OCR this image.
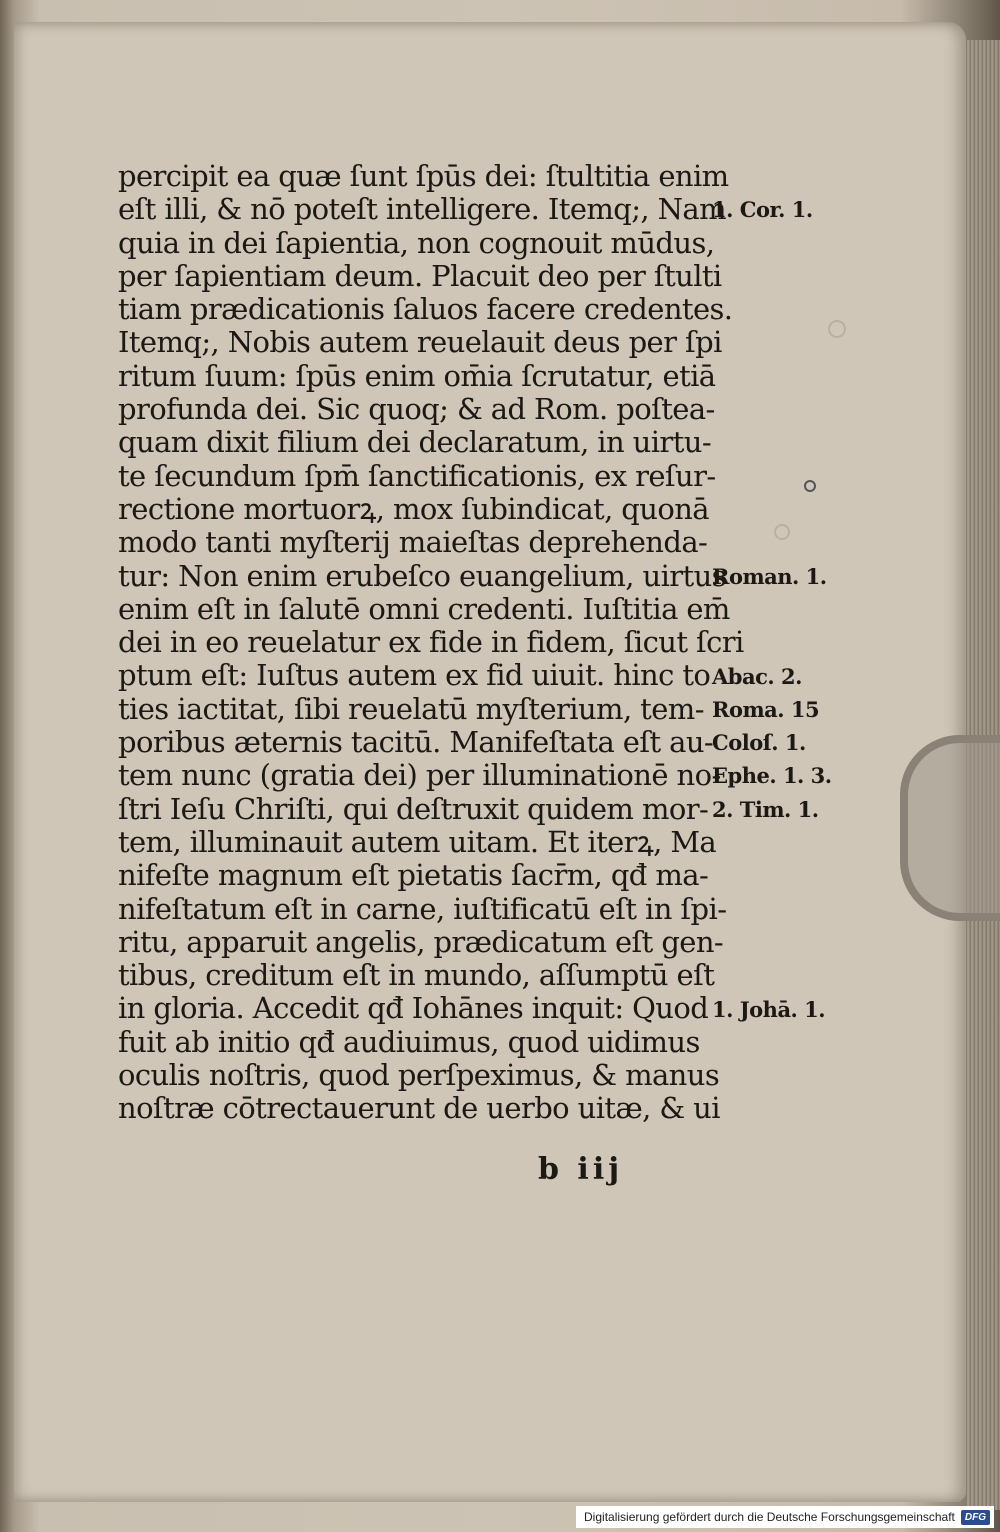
percipit ea quæ ſunt ſpūs dei: ſtultitia enim
eſt illi, & nō poteſt intelligere. Itemq;, Nam
quia in dei ſapientia, non cognouit mūdus,
per ſapientiam deum. Placuit deo per ſtulti
tiam prædicationis ſaluos facere credentes.
Itemq;, Nobis autem reuelauit deus per ſpi
ritum ſuum: ſpūs enim om̄ia ſcrutatur, etiā
profunda dei. Sic quoq; & ad Rom. poſtea-
quam dixit filium dei declaratum, in uirtu-
te ſecundum ſpm̄ ſanctificationis, ex reſur-
rectione mortuorꝝ, mox ſubindicat, quonā
modo tanti myſterij maieſtas deprehenda-
tur: Non enim erubeſco euangelium, uirtus
enim eſt in ſalutē omni credenti. Iuſtitia em̄
dei in eo reuelatur ex fide in fidem, ſicut ſcri
ptum eſt: Iuſtus autem ex fid uiuit. hinc to
ties iactitat, ſibi reuelatū myſterium, tem-
poribus æternis tacitū. Manifeſtata eſt au-
tem nunc (gratia dei) per illuminationē no-
ſtri Ieſu Chriſti, qui deſtruxit quidem mor-
tem, illuminauit autem uitam. Et iterꝝ, Ma
nifeſte magnum eſt pietatis ſacr̄m, qđ ma-
nifeſtatum eſt in carne, iuſtificatū eſt in ſpi-
ritu, apparuit angelis, prædicatum eſt gen-
tibus, creditum eſt in mundo, aſſumptū eſt
in gloria. Accedit qđ Iohānes inquit: Quod
fuit ab initio qđ audiuimus, quod uidimus
oculis noſtris, quod perſpeximus, & manus
noſtræ cōtrectauerunt de uerbo uitæ, & ui
1. Cor. 1.
Roman. 1.
Abac. 2.
Roma. 15
Coloſ. 1.
Ephe. 1. 3.
2. Tim. 1.
1. Johā. 1.
b iij
Digitalisierung gefördert durch die Deutsche Forschungsgemeinschaft	DFG
